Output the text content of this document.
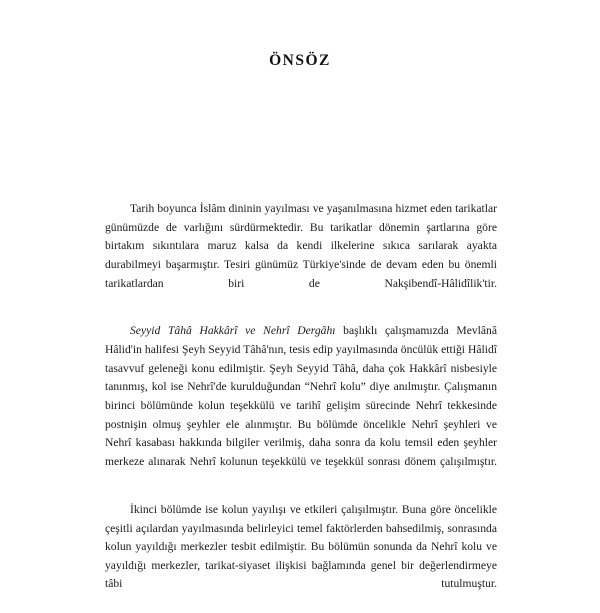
ÖNSÖZ

Tarih boyunca İslâm dininin yayılması ve yaşanılmasına hizmet eden tarikatlar günümüzde de varlığını sürdürmektedir. Bu tarikatlar dönemin şartlarına göre birtakım sıkıntılara maruz kalsa da kendi ilkelerine sıkıca sarılarak ayakta durabilmeyi başarmıştır. Tesiri günümüz Türkiye'sinde de devam eden bu önemli tarikatlardan biri de Nakşibendî-Hâlidîlik'tir.

Seyyid Tâhâ Hakkârî ve Nehrî Dergâhı başlıklı çalışmamızda Mevlânâ Hâlid'in halifesi Şeyh Seyyid Tâhâ'nın, tesis edip yayılmasında öncülük ettiği Hâlidî tasavvuf geleneği konu edilmiştir. Şeyh Seyyid Tâhâ, daha çok Hakkârî nisbesiyle tanınmış, kol ise Nehrî'de kurulduğundan “Nehrî kolu” diye anılmıştır. Çalışmanın birinci bölümünde kolun teşekkülü ve tarihî gelişim sürecinde Nehrî tekkesinde postnişin olmuş şeyhler ele alınmıştır. Bu bölümde öncelikle Nehrî şeyhleri ve Nehrî kasabası hakkında bilgiler verilmiş, daha sonra da kolu temsil eden şeyhler merkeze alınarak Nehrî kolunun teşekkülü ve teşekkül sonrası dönem çalışılmıştır.

İkinci bölümde ise kolun yayılışı ve etkileri çalışılmıştır. Buna göre öncelikle çeşitli açılardan yayılmasında belirleyici temel faktörlerden bahsedilmiş, sonrasında kolun yayıldığı merkezler tesbit edilmiştir. Bu bölümün sonunda da Nehrî kolu ve yayıldığı merkezler, tarikat-siyaset ilişkisi bağlamında genel bir değerlendirmeye tâbi tutulmuştur.
